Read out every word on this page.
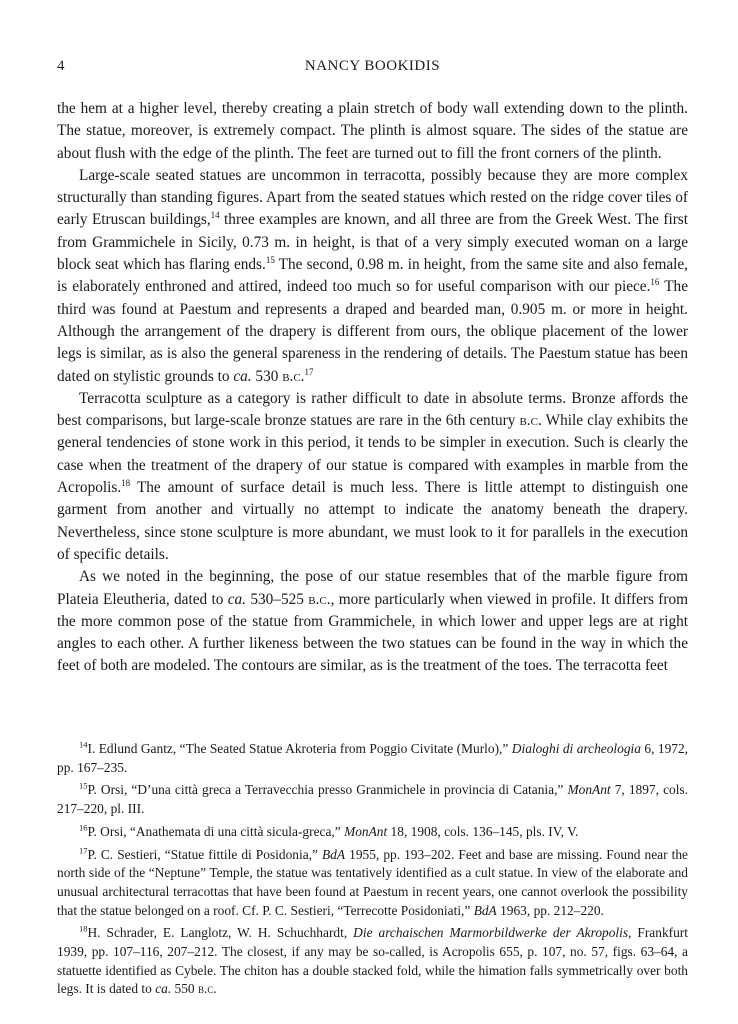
4	NANCY BOOKIDIS

the hem at a higher level, thereby creating a plain stretch of body wall extending down to the plinth. The statue, moreover, is extremely compact. The plinth is almost square. The sides of the statue are about flush with the edge of the plinth. The feet are turned out to fill the front corners of the plinth.

Large-scale seated statues are uncommon in terracotta, possibly because they are more complex structurally than standing figures. Apart from the seated statues which rested on the ridge cover tiles of early Etruscan buildings,$^{14}$ three examples are known, and all three are from the Greek West. The first from Grammichele in Sicily, 0.73 m. in height, is that of a very simply executed woman on a large block seat which has flaring ends.$^{15}$ The second, 0.98 m. in height, from the same site and also female, is elaborately enthroned and attired, indeed too much so for useful comparison with our piece.$^{16}$ The third was found at Paestum and represents a draped and bearded man, 0.905 m. or more in height. Although the arrangement of the drapery is different from ours, the oblique placement of the lower legs is similar, as is also the general spareness in the rendering of details. The Paestum statue has been dated on stylistic grounds to ca. 530 b.c.$^{17}$

Terracotta sculpture as a category is rather difficult to date in absolute terms. Bronze affords the best comparisons, but large-scale bronze statues are rare in the 6th century b.c. While clay exhibits the general tendencies of stone work in this period, it tends to be simpler in execution. Such is clearly the case when the treatment of the drapery of our statue is compared with examples in marble from the Acropolis.$^{18}$ The amount of surface detail is much less. There is little attempt to distinguish one garment from another and virtually no attempt to indicate the anatomy beneath the drapery. Nevertheless, since stone sculpture is more abundant, we must look to it for parallels in the execution of specific details.

As we noted in the beginning, the pose of our statue resembles that of the marble figure from Plateia Eleutheria, dated to ca. 530–525 b.c., more particularly when viewed in profile. It differs from the more common pose of the statue from Grammichele, in which lower and upper legs are at right angles to each other. A further likeness between the two statues can be found in the way in which the feet of both are modeled. The contours are similar, as is the treatment of the toes. The terracotta feet

$^{14}$I. Edlund Gantz, “The Seated Statue Akroteria from Poggio Civitate (Murlo),” Dialoghi di archeologia 6, 1972, pp. 167–235.

$^{15}$P. Orsi, “D’una città greca a Terravecchia presso Granmichele in provincia di Catania,” MonAnt 7, 1897, cols. 217–220, pl. III.

$^{16}$P. Orsi, “Anathemata di una città sicula-greca,” MonAnt 18, 1908, cols. 136–145, pls. IV, V.

$^{17}$P. C. Sestieri, “Statue fittile di Posidonia,” BdA 1955, pp. 193–202. Feet and base are missing. Found near the north side of the “Neptune” Temple, the statue was tentatively identified as a cult statue. In view of the elaborate and unusual architectural terracottas that have been found at Paestum in recent years, one cannot overlook the possibility that the statue belonged on a roof. Cf. P. C. Sestieri, “Terrecotte Posidoniati,” BdA 1963, pp. 212–220.

$^{18}$H. Schrader, E. Langlotz, W. H. Schuchhardt, Die archaischen Marmorbildwerke der Akropolis, Frankfurt 1939, pp. 107–116, 207–212. The closest, if any may be so-called, is Acropolis 655, p. 107, no. 57, figs. 63–64, a statuette identified as Cybele. The chiton has a double stacked fold, while the himation falls symmetrically over both legs. It is dated to ca. 550 b.c.
